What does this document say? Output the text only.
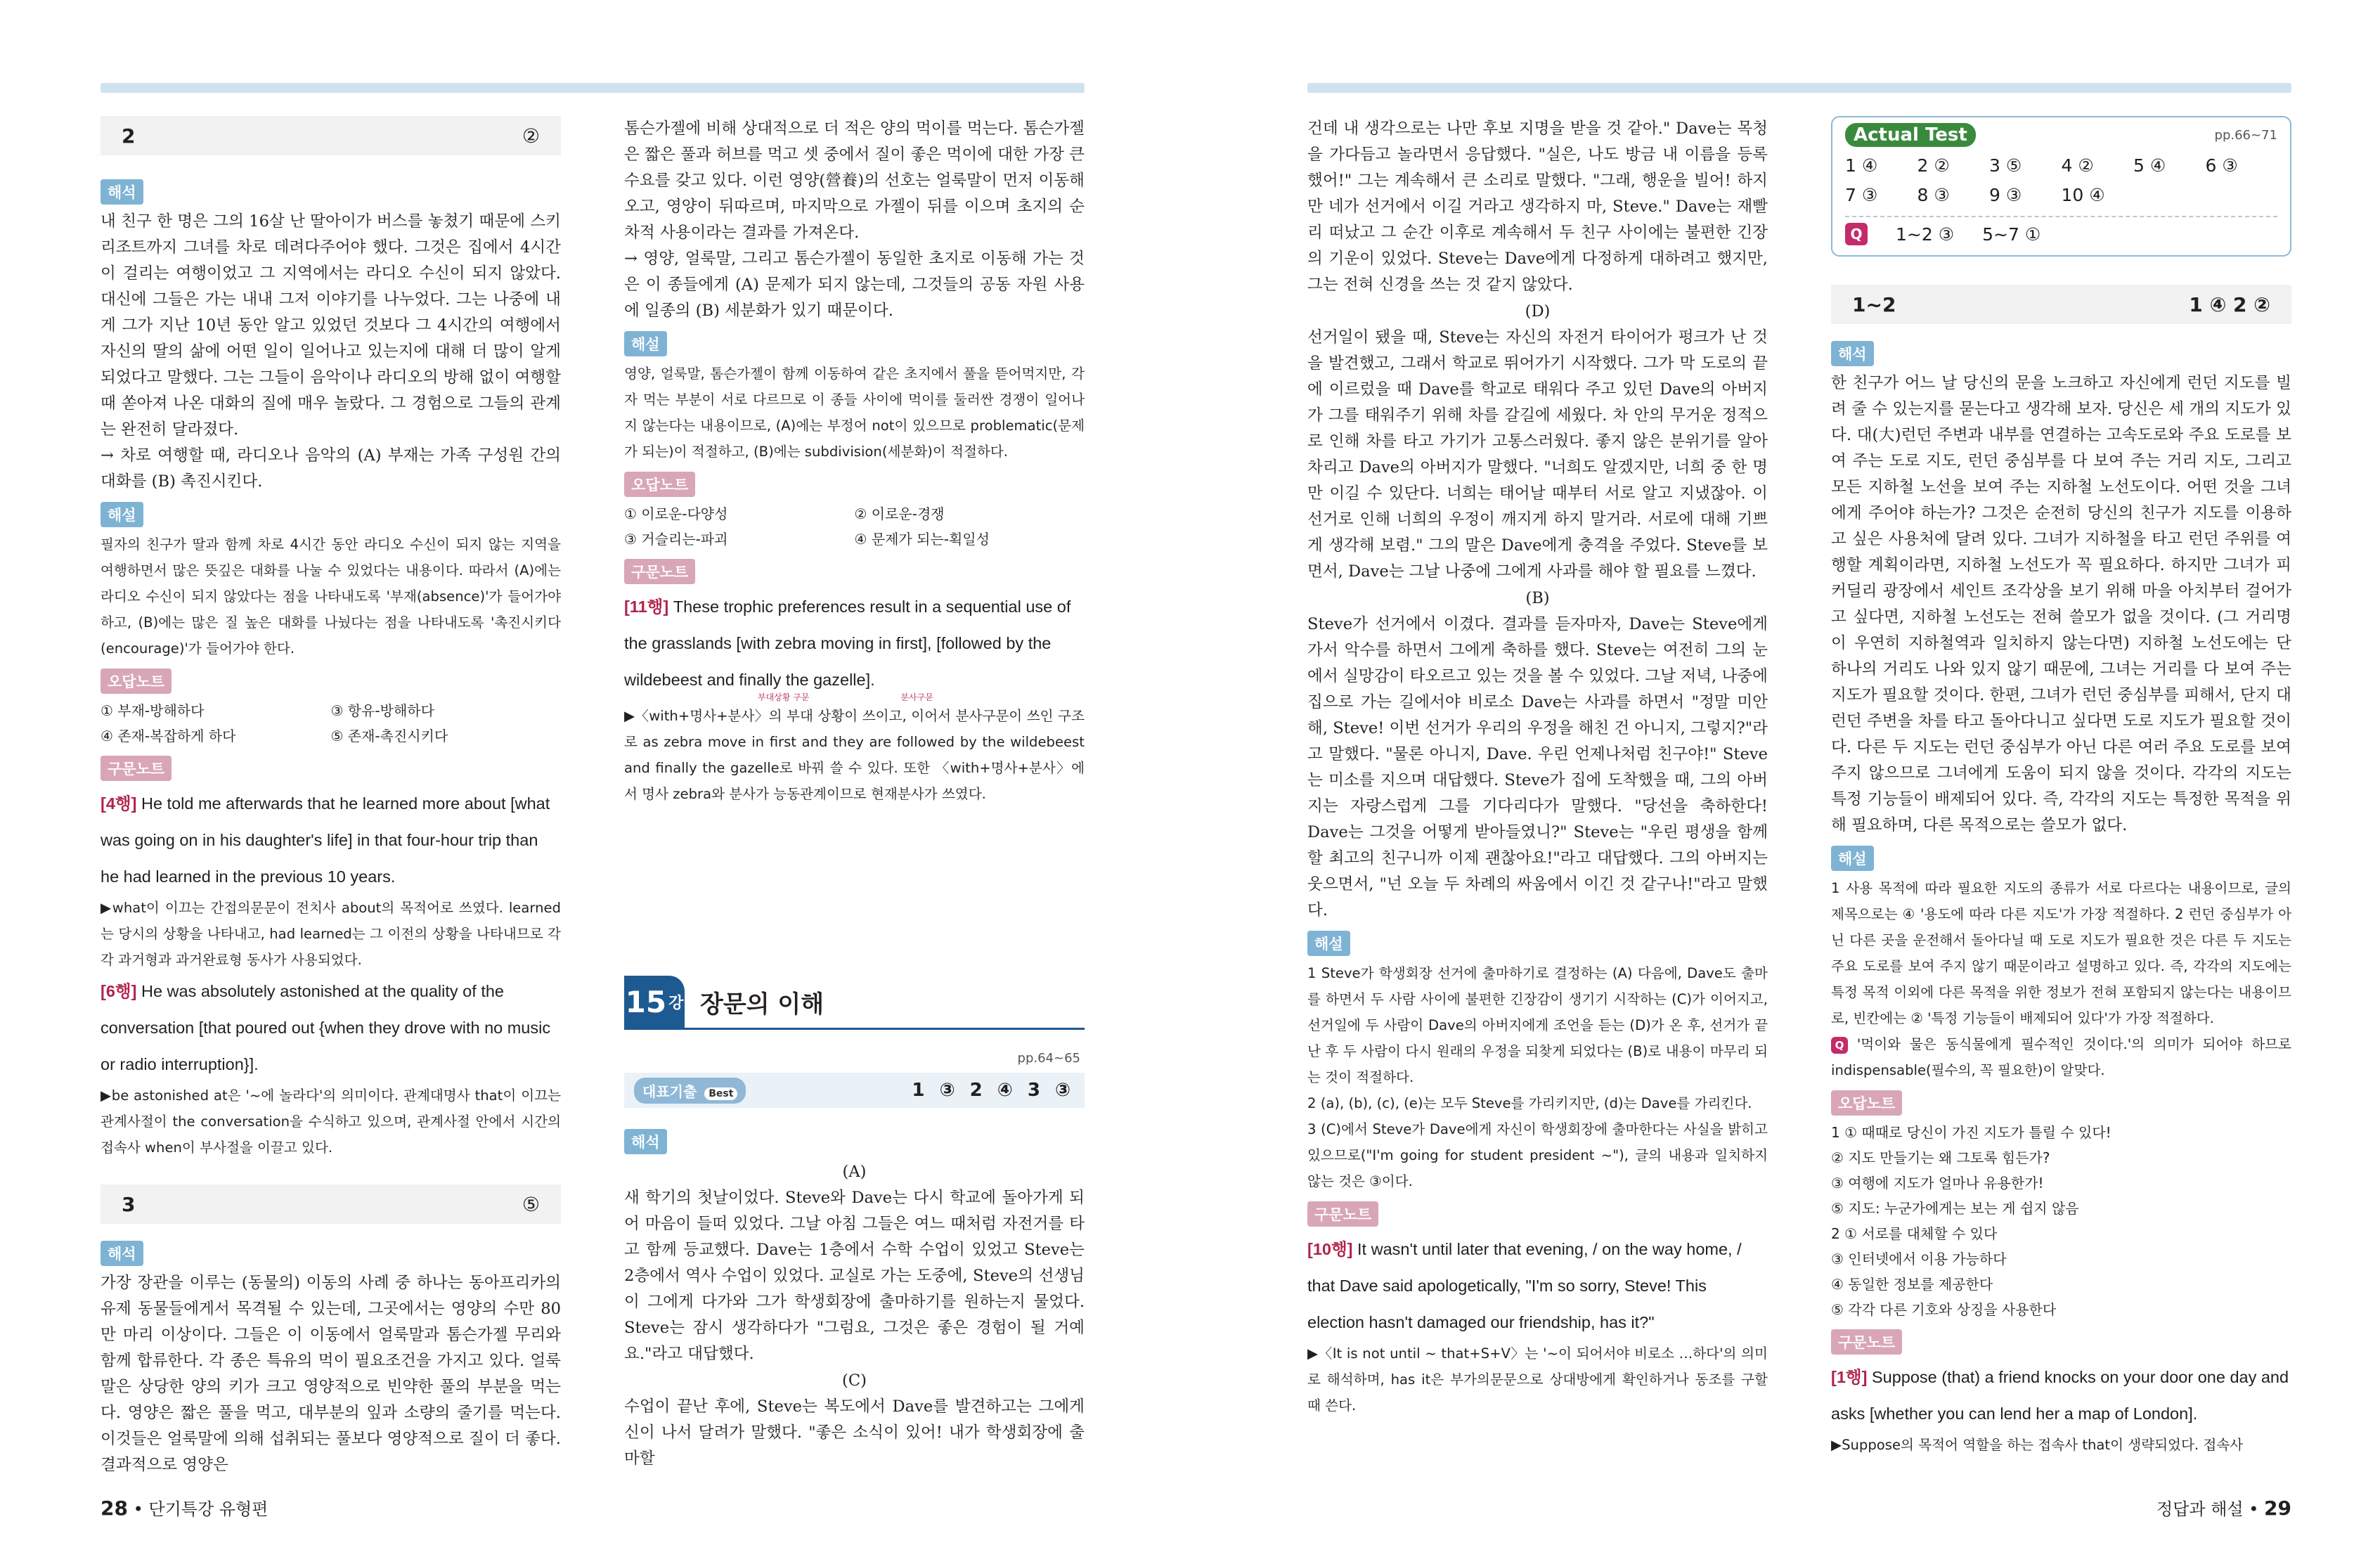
2	②
해석

내 친구 한 명은 그의 16살 난 딸아이가 버스를 놓쳤기 때문에 스키 리조트까지 그녀를 차로 데려다주어야 했다. 그것은 집에서 4시간이 걸리는 여행이었고 그 지역에서는 라디오 수신이 되지 않았다. 대신에 그들은 가는 내내 그저 이야기를 나누었다. 그는 나중에 내게 그가 지난 10년 동안 알고 있었던 것보다 그 4시간의 여행에서 자신의 딸의 삶에 어떤 일이 일어나고 있는지에 대해 더 많이 알게 되었다고 말했다. 그는 그들이 음악이나 라디오의 방해 없이 여행할 때 쏟아져 나온 대화의 질에 매우 놀랐다. 그 경험으로 그들의 관계는 완전히 달라졌다.

→ 차로 여행할 때, 라디오나 음악의 (A) 부재는 가족 구성원 간의 대화를 (B) 촉진시킨다.

해설

필자의 친구가 딸과 함께 차로 4시간 동안 라디오 수신이 되지 않는 지역을 여행하면서 많은 뜻깊은 대화를 나눌 수 있었다는 내용이다. 따라서 (A)에는 라디오 수신이 되지 않았다는 점을 나타내도록 '부재(absence)'가 들어가야 하고, (B)에는 많은 질 높은 대화를 나눴다는 점을 나타내도록 '촉진시키다(encourage)'가 들어가야 한다.

오답노트
① 부재-방해하다	③ 항유-방해하다
④ 존재-복잡하게 하다	⑤ 존재-촉진시키다
구문노트

[4행] He told me afterwards that he learned more about [what was going on in his daughter's life] in that four-hour trip than he had learned in the previous 10 years.

▶what이 이끄는 간접의문문이 전치사 about의 목적어로 쓰였다. learned는 당시의 상황을 나타내고, had learned는 그 이전의 상황을 나타내므로 각각 과거형과 과거완료형 동사가 사용되었다.

[6행] He was absolutely astonished at the quality of the conversation [that poured out {when they drove with no music or radio interruption}].

▶be astonished at은 '~에 놀라다'의 의미이다. 관계대명사 that이 이끄는 관계사절이 the conversation을 수식하고 있으며, 관계사절 안에서 시간의 접속사 when이 부사절을 이끌고 있다.

3	⑤
해석

가장 장관을 이루는 (동물의) 이동의 사례 중 하나는 동아프리카의 유제 동물들에게서 목격될 수 있는데, 그곳에서는 영양의 수만 80만 마리 이상이다. 그들은 이 이동에서 얼룩말과 톰슨가젤 무리와 함께 합류한다. 각 종은 특유의 먹이 필요조건을 가지고 있다. 얼룩말은 상당한 양의 키가 크고 영양적으로 빈약한 풀의 부분을 먹는다. 영양은 짧은 풀을 먹고, 대부분의 잎과 소량의 줄기를 먹는다. 이것들은 얼룩말에 의해 섭취되는 풀보다 영양적으로 질이 더 좋다. 결과적으로 영양은

톰슨가젤에 비해 상대적으로 더 적은 양의 먹이를 먹는다. 톰슨가젤은 짧은 풀과 허브를 먹고 셋 중에서 질이 좋은 먹이에 대한 가장 큰 수요를 갖고 있다. 이런 영양(營養)의 선호는 얼룩말이 먼저 이동해 오고, 영양이 뒤따르며, 마지막으로 가젤이 뒤를 이으며 초지의 순차적 사용이라는 결과를 가져온다.

→ 영양, 얼룩말, 그리고 톰슨가젤이 동일한 초지로 이동해 가는 것은 이 종들에게 (A) 문제가 되지 않는데, 그것들의 공동 자원 사용에 일종의 (B) 세분화가 있기 때문이다.

해설

영양, 얼룩말, 톰슨가젤이 함께 이동하여 같은 초지에서 풀을 뜯어먹지만, 각자 먹는 부분이 서로 다르므로 이 종들 사이에 먹이를 둘러싼 경쟁이 일어나지 않는다는 내용이므로, (A)에는 부정어 not이 있으므로 problematic(문제가 되는)이 적절하고, (B)에는 subdivision(세분화)이 적절하다.

오답노트
① 이로운-다양성	② 이로운-경쟁
③ 거슬리는-파괴	④ 문제가 되는-획일성
구문노트

[11행] These trophic preferences result in a sequential use of the grasslands [with zebra moving in first], [followed by the wildebeest and finally the gazelle].

부대상황 구문	분사구문

▶〈with+명사+분사〉의 부대 상황이 쓰이고, 이어서 분사구문이 쓰인 구조로 as zebra move in first and they are followed by the wildebeest and finally the gazelle로 바꿔 쓸 수 있다. 또한 〈with+명사+분사〉에서 명사 zebra와 분사가 능동관계이므로 현재분사가 쓰였다.

15 강 장문의 이해
pp.64~65
대표기출 Best	1 ③ 2 ④ 3 ③
해석
(A)

새 학기의 첫날이었다. Steve와 Dave는 다시 학교에 돌아가게 되어 마음이 들떠 있었다. 그날 아침 그들은 여느 때처럼 자전거를 타고 함께 등교했다. Dave는 1층에서 수학 수업이 있었고 Steve는 2층에서 역사 수업이 있었다. 교실로 가는 도중에, Steve의 선생님이 그에게 다가와 그가 학생회장에 출마하기를 원하는지 물었다. Steve는 잠시 생각하다가 "그럼요, 그것은 좋은 경험이 될 거예요."라고 대답했다.

(C)

수업이 끝난 후에, Steve는 복도에서 Dave를 발견하고는 그에게 신이 나서 달려가 말했다. "좋은 소식이 있어! 내가 학생회장에 출마할

건데 내 생각으로는 나만 후보 지명을 받을 것 같아." Dave는 목청을 가다듬고 놀라면서 응답했다. "실은, 나도 방금 내 이름을 등록했어!" 그는 계속해서 큰 소리로 말했다. "그래, 행운을 빌어! 하지만 네가 선거에서 이길 거라고 생각하지 마, Steve." Dave는 재빨리 떠났고 그 순간 이후로 계속해서 두 친구 사이에는 불편한 긴장의 기운이 있었다. Steve는 Dave에게 다정하게 대하려고 했지만, 그는 전혀 신경을 쓰는 것 같지 않았다.

(D)

선거일이 됐을 때, Steve는 자신의 자전거 타이어가 펑크가 난 것을 발견했고, 그래서 학교로 뛰어가기 시작했다. 그가 막 도로의 끝에 이르렀을 때 Dave를 학교로 태워다 주고 있던 Dave의 아버지가 그를 태워주기 위해 차를 갈길에 세웠다. 차 안의 무거운 정적으로 인해 차를 타고 가기가 고통스러웠다. 좋지 않은 분위기를 알아차리고 Dave의 아버지가 말했다. "너희도 알겠지만, 너희 중 한 명만 이길 수 있단다. 너희는 태어날 때부터 서로 알고 지냈잖아. 이 선거로 인해 너희의 우정이 깨지게 하지 말거라. 서로에 대해 기쁘게 생각해 보렴." 그의 말은 Dave에게 충격을 주었다. Steve를 보면서, Dave는 그날 나중에 그에게 사과를 해야 할 필요를 느꼈다.

(B)

Steve가 선거에서 이겼다. 결과를 듣자마자, Dave는 Steve에게 가서 악수를 하면서 그에게 축하를 했다. Steve는 여전히 그의 눈에서 실망감이 타오르고 있는 것을 볼 수 있었다. 그날 저녁, 나중에 집으로 가는 길에서야 비로소 Dave는 사과를 하면서 "정말 미안해, Steve! 이번 선거가 우리의 우정을 해친 건 아니지, 그렇지?"라고 말했다. "물론 아니지, Dave. 우린 언제나처럼 친구야!" Steve는 미소를 지으며 대답했다. Steve가 집에 도착했을 때, 그의 아버지는 자랑스럽게 그를 기다리다가 말했다. "당선을 축하한다! Dave는 그것을 어떻게 받아들였니?" Steve는 "우린 평생을 함께 할 최고의 친구니까 이제 괜찮아요!"라고 대답했다. 그의 아버지는 웃으면서, "넌 오늘 두 차례의 싸움에서 이긴 것 같구나!"라고 말했다.

해설

1 Steve가 학생회장 선거에 출마하기로 결정하는 (A) 다음에, Dave도 출마를 하면서 두 사람 사이에 불편한 긴장감이 생기기 시작하는 (C)가 이어지고, 선거일에 두 사람이 Dave의 아버지에게 조언을 듣는 (D)가 온 후, 선거가 끝난 후 두 사람이 다시 원래의 우정을 되찾게 되었다는 (B)로 내용이 마무리 되는 것이 적절하다.

2 (a), (b), (c), (e)는 모두 Steve를 가리키지만, (d)는 Dave를 가리킨다.

3 (C)에서 Steve가 Dave에게 자신이 학생회장에 출마한다는 사실을 밝히고 있으므로("I'm going for student president ~"), 글의 내용과 일치하지 않는 것은 ③이다.

구문노트

[10행] It wasn't until later that evening, / on the way home, / that Dave said apologetically, "I'm so sorry, Steve! This election hasn't damaged our friendship, has it?"

▶〈It is not until ~ that+S+V〉는 '~이 되어서야 비로소 …하다'의 의미로 해석하며, has it은 부가의문문으로 상대방에게 확인하거나 동조를 구할 때 쓴다.

Actual Test	pp.66~71
1 ④	2 ②	3 ⑤	4 ②	5 ④	6 ③
7 ③	8 ③	9 ③	10 ④
Q	1~2 ③ 5~7 ①
1~2	1 ④ 2 ②
해석

한 친구가 어느 날 당신의 문을 노크하고 자신에게 런던 지도를 빌려 줄 수 있는지를 묻는다고 생각해 보자. 당신은 세 개의 지도가 있다. 대(大)런던 주변과 내부를 연결하는 고속도로와 주요 도로를 보여 주는 도로 지도, 런던 중심부를 다 보여 주는 거리 지도, 그리고 모든 지하철 노선을 보여 주는 지하철 노선도이다. 어떤 것을 그녀에게 주어야 하는가? 그것은 순전히 당신의 친구가 지도를 이용하고 싶은 사용처에 달려 있다. 그녀가 지하철을 타고 런던 주위를 여행할 계획이라면, 지하철 노선도가 꼭 필요하다. 하지만 그녀가 피커딜리 광장에서 세인트 조각상을 보기 위해 마을 아치부터 걸어가고 싶다면, 지하철 노선도는 전혀 쓸모가 없을 것이다. (그 거리명이 우연히 지하철역과 일치하지 않는다면) 지하철 노선도에는 단 하나의 거리도 나와 있지 않기 때문에, 그녀는 거리를 다 보여 주는 지도가 필요할 것이다. 한편, 그녀가 런던 중심부를 피해서, 단지 대런던 주변을 차를 타고 돌아다니고 싶다면 도로 지도가 필요할 것이다. 다른 두 지도는 런던 중심부가 아닌 다른 여러 주요 도로를 보여 주지 않으므로 그녀에게 도움이 되지 않을 것이다. 각각의 지도는 특정 기능들이 배제되어 있다. 즉, 각각의 지도는 특정한 목적을 위해 필요하며, 다른 목적으로는 쓸모가 없다.

해설

1 사용 목적에 따라 필요한 지도의 종류가 서로 다르다는 내용이므로, 글의 제목으로는 ④ '용도에 따라 다른 지도'가 가장 적절하다. 2 런던 중심부가 아닌 다른 곳을 운전해서 돌아다닐 때 도로 지도가 필요한 것은 다른 두 지도는 주요 도로를 보여 주지 않기 때문이라고 설명하고 있다. 즉, 각각의 지도에는 특정 목적 이외에 다른 목적을 위한 정보가 전혀 포함되지 않는다는 내용이므로, 빈칸에는 ② '특정 기능들이 배제되어 있다'가 가장 적절하다.

Q '먹이와 물은 동식물에게 필수적인 것이다.'의 의미가 되어야 하므로 indispensable(필수의, 꼭 필요한)이 알맞다.

오답노트
1 ① 때때로 당신이 가진 지도가 틀릴 수 있다!
② 지도 만들기는 왜 그토록 힘든가?
③ 여행에 지도가 얼마나 유용한가!
⑤ 지도: 누군가에게는 보는 게 쉽지 않음
2 ① 서로를 대체할 수 있다
③ 인터넷에서 이용 가능하다
④ 동일한 정보를 제공한다
⑤ 각각 다른 기호와 상징을 사용한다
구문노트

[1행] Suppose (that) a friend knocks on your door one day and asks [whether you can lend her a map of London].

▶Suppose의 목적어 역할을 하는 접속사 that이 생략되었다. 접속사

28 • 단기특강 유형편	정답과 해설 • 29
